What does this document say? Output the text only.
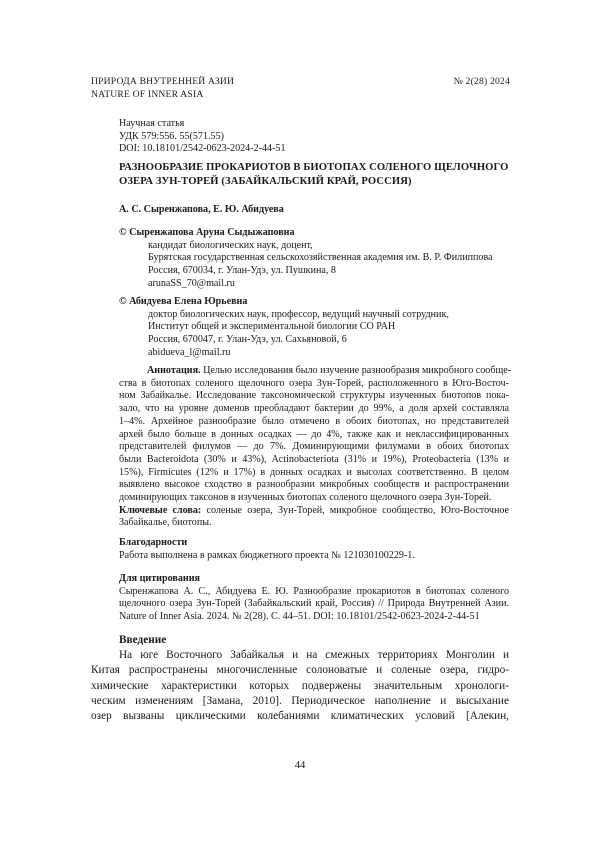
ПРИРОДА ВНУТРЕННЕЙ АЗИИ
NATURE OF INNER ASIA
№ 2(28) 2024
Научная статья
УДК 579:556. 55(571.55)
DOI: 10.18101/2542-0623-2024-2-44-51
РАЗНООБРАЗИЕ ПРОКАРИОТОВ В БИОТОПАХ СОЛЕНОГО ЩЕЛОЧНОГО
ОЗЕРА ЗУН-ТОРЕЙ (ЗАБАЙКАЛЬСКИЙ КРАЙ, РОССИЯ)
А. С. Сыренжапова, Е. Ю. Абидуева
© Сыренжапова Аруна Сыдыжаповна
кандидат биологических наук, доцент,
Бурятская государственная сельскохозяйственная академия им. В. Р. Филиппова
Россия, 670034, г. Улан-Удэ, ул. Пушкина, 8
arunaSS_70@mail.ru
© Абидуева Елена Юрьевна
доктор биологических наук, профессор, ведущий научный сотрудник,
Институт общей и экспериментальной биологии СО РАН
Россия, 670047, г. Улан-Удэ, ул. Сахьяновой, 6
abidueva_l@mail.ru
Аннотация. Целью исследования было изучение разнообразия микробного сообще-
ства в биотопах соленого щелочного озера Зун-Торей, расположенного в Юго-Восточ-
ном Забайкалье. Исследование таксономической структуры изученных биотопов пока-
зало, что на уровне доменов преобладают бактерии до 99%, а доля архей составляла
1–4%. Архейное разнообразие было отмечено в обоих биотопах, но представителей
архей было больше в донных осадках — до 4%, также как и неклассифицированных
представителей филумов — до 7%. Доминирующими филумами в обоих биотопах
были Bacteroidota (30% и 43%), Actinobacteriota (31% и 19%), Proteobacteria (13% и
15%), Firmicutes (12% и 17%) в донных осадках и высолах соответственно. В целом
выявлено высокое сходство в разнообразии микробных сообществ и распространении
доминирующих таксонов в изученных биотопах соленого щелочного озера Зун-Торей.
Ключевые слова: соленые озера, Зун-Торей, микробное сообщество, Юго-Восточное
Забайкалье, биотопы.
Благодарности
Работа выполнена в рамках бюджетного проекта № 121030100229-1.
Для цитирования
Сыренжапова А. С., Абидуева Е. Ю. Разнообразие прокариотов в биотопах соленого
щелочного озера Зун-Торей (Забайкальский край, Россия) // Природа Внутренней Азии.
Nature of Inner Asia. 2024. № 2(28). С. 44–51. DOI: 10.18101/2542-0623-2024-2-44-51
Введение
На юге Восточного Забайкалья и на смежных территориях Монголии и
Китая распространены многочисленные солоноватые и соленые озера, гидро-
химические характеристики которых подвержены значительным хронологи-
ческим изменениям [Замана, 2010]. Периодическое наполнение и высыхание
озер вызваны циклическими колебаниями климатических условий [Алекин,
44
